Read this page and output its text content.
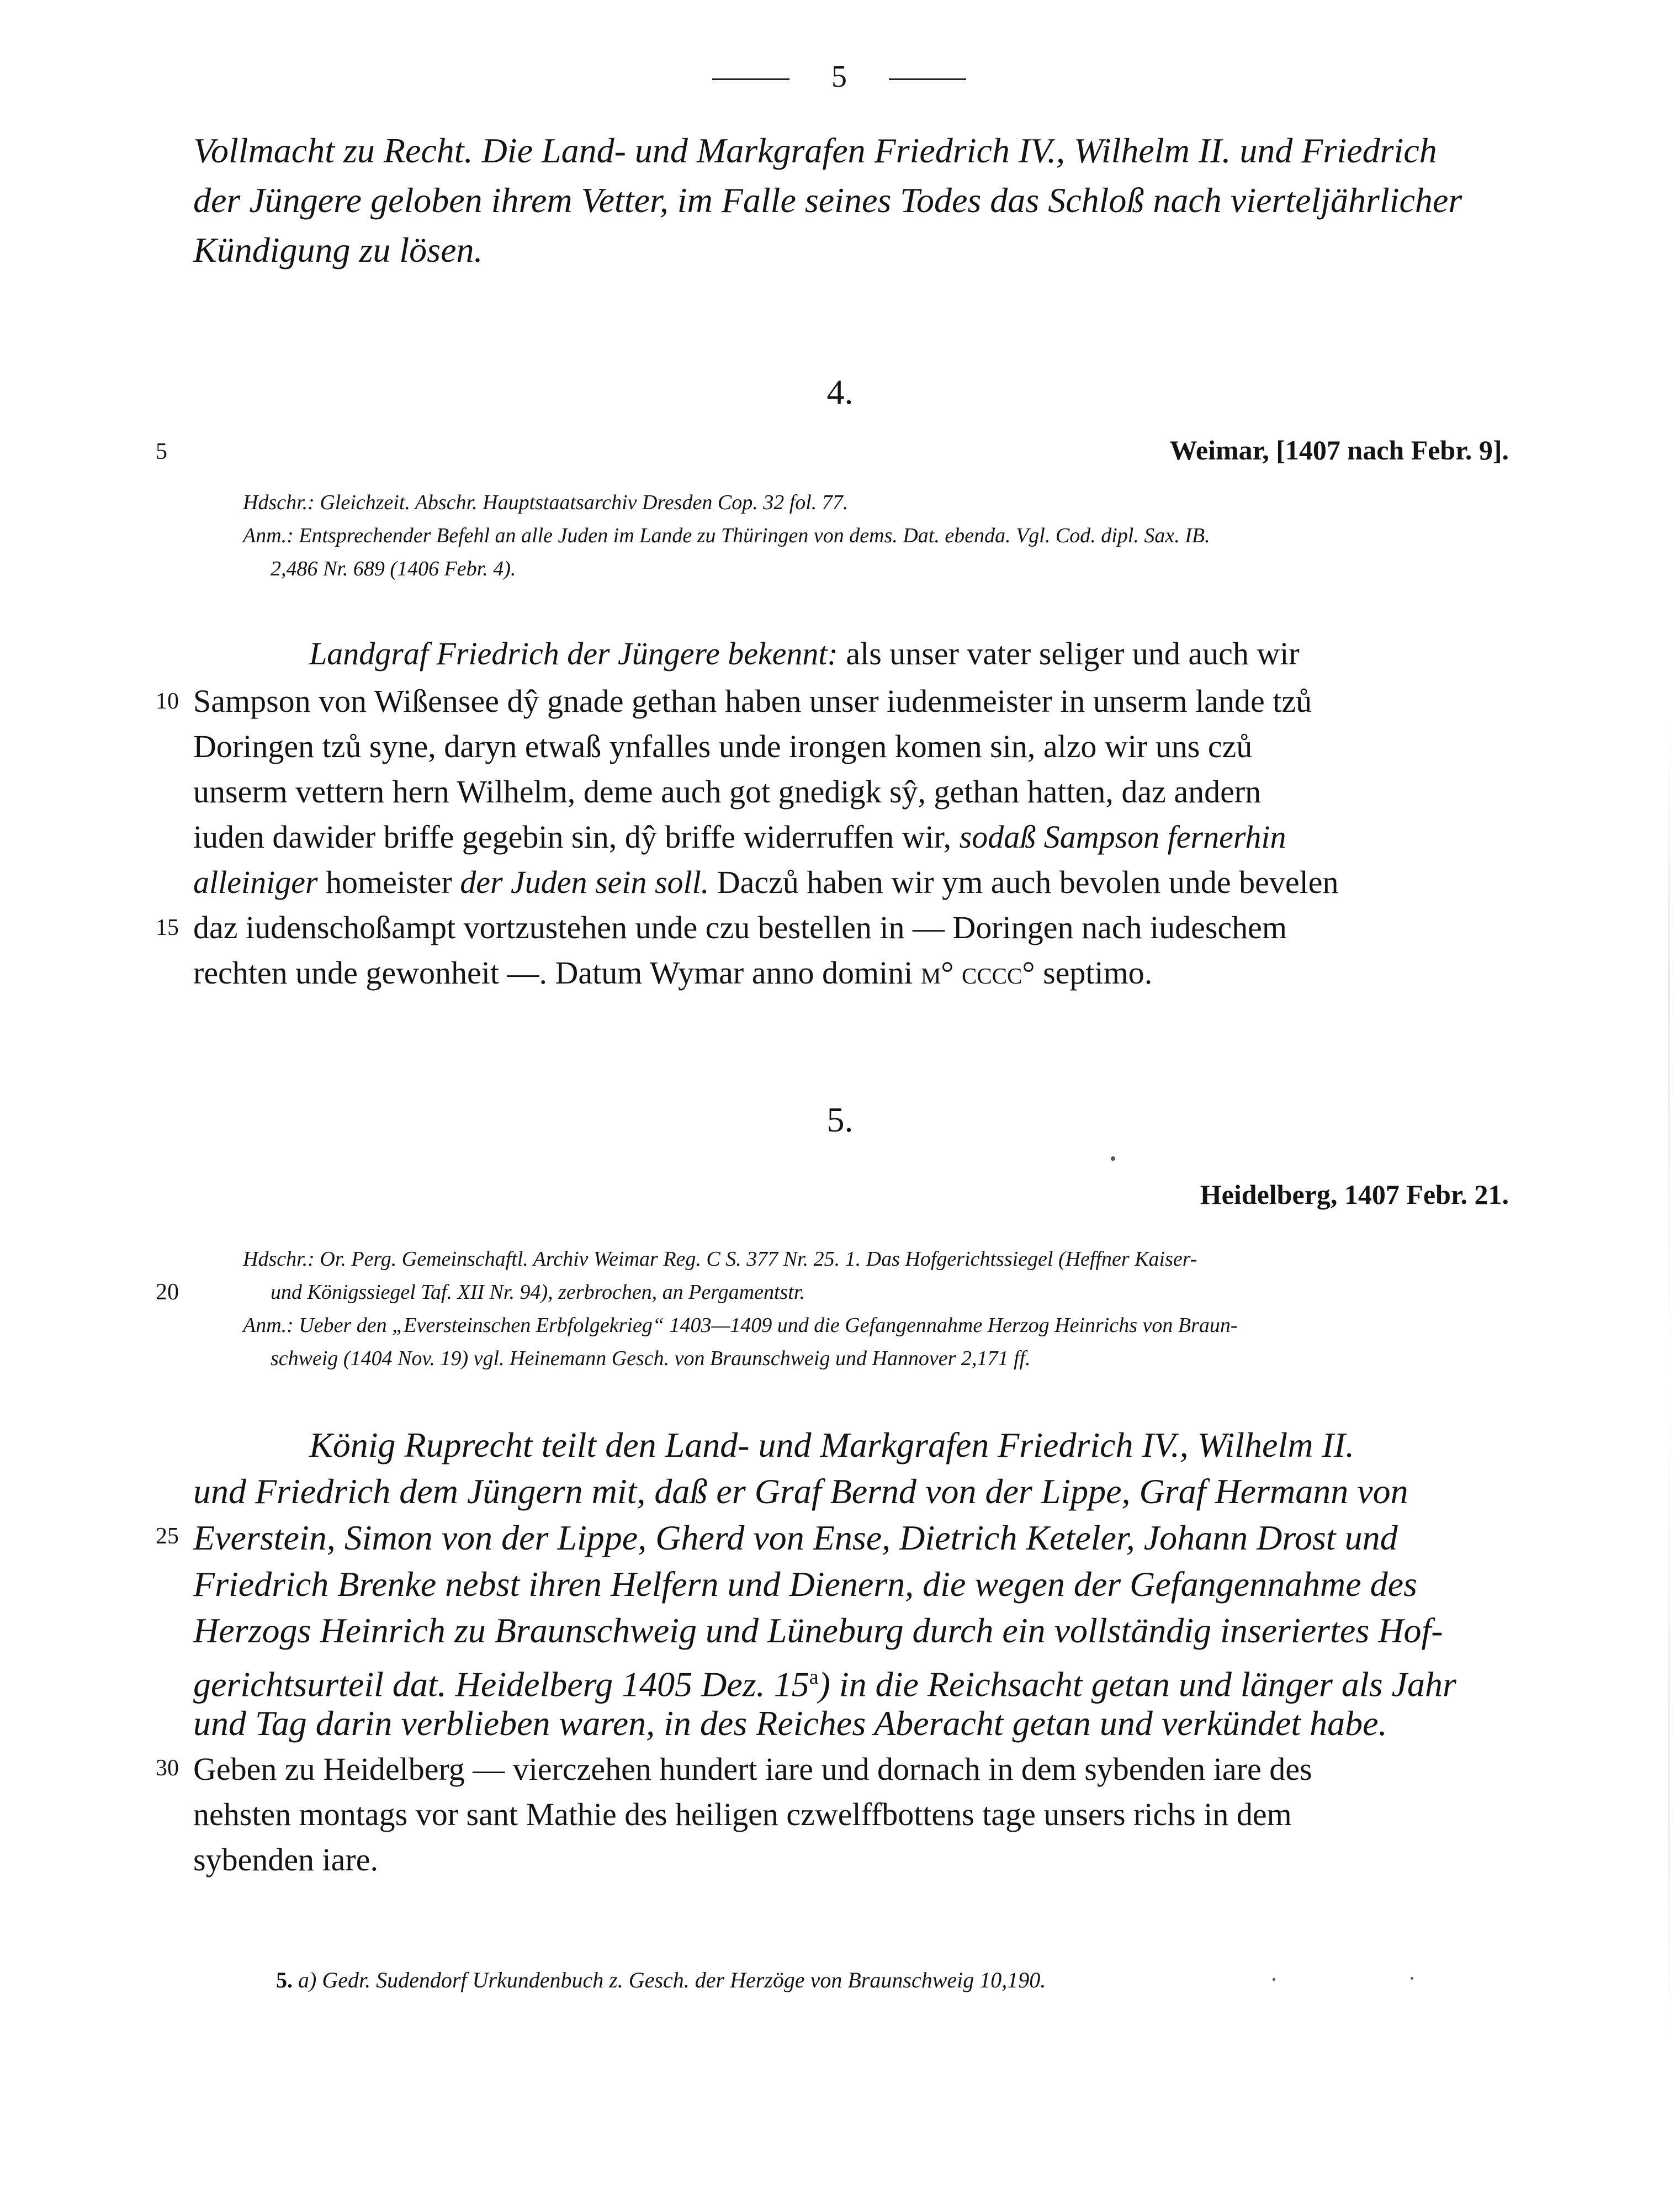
5
Vollmacht zu Recht. Die Land- und Markgrafen Friedrich IV., Wilhelm II. und Friedrich
der Jüngere geloben ihrem Vetter, im Falle seines Todes das Schloß nach vierteljährlicher
Kündigung zu lösen.
4.
5	Weimar, [1407 nach Febr. 9].
Hdschr.: Gleichzeit. Abschr. Hauptstaatsarchiv Dresden Cop. 32 fol. 77.
Anm.: Entsprechender Befehl an alle Juden im Lande zu Thüringen von dems. Dat. ebenda. Vgl. Cod. dipl. Sax. IB.
2,486 Nr. 689 (1406 Febr. 4).
Landgraf Friedrich der Jüngere bekennt: als unser vater seliger und auch wir
10 Sampson von Wißensee dŷ gnade gethan haben unser iudenmeister in unserm lande tzů
Doringen tzů syne, daryn etwaß ynfalles unde irongen komen sin, alzo wir uns czů
unserm vettern hern Wilhelm, deme auch got gnedigk sŷ, gethan hatten, daz andern
iuden dawider briffe gegebin sin, dŷ briffe widerruffen wir, sodaß Sampson fernerhin
alleiniger homeister der Juden sein soll. Daczů haben wir ym auch bevolen unde bevelen
15 daz iudenschoßampt vortzustehen unde czu bestellen in — Doringen nach iudeschem
rechten unde gewonheit —. Datum Wymar anno domini m° cccc° septimo.
5.
Heidelberg, 1407 Febr. 21.
Hdschr.: Or. Perg. Gemeinschaftl. Archiv Weimar Reg. C S. 377 Nr. 25. 1. Das Hofgerichtssiegel (Heffner Kaiser-
20	und Königssiegel Taf. XII Nr. 94), zerbrochen, an Pergamentstr.
Anm.: Ueber den „Eversteinschen Erbfolgekrieg“ 1403—1409 und die Gefangennahme Herzog Heinrichs von Braun-
schweig (1404 Nov. 19) vgl. Heinemann Gesch. von Braunschweig und Hannover 2,171 ff.
König Ruprecht teilt den Land- und Markgrafen Friedrich IV., Wilhelm II.
und Friedrich dem Jüngern mit, daß er Graf Bernd von der Lippe, Graf Hermann von
25 Everstein, Simon von der Lippe, Gherd von Ense, Dietrich Keteler, Johann Drost und
Friedrich Brenke nebst ihren Helfern und Dienern, die wegen der Gefangennahme des
Herzogs Heinrich zu Braunschweig und Lüneburg durch ein vollständig inseriertes Hof-
gerichtsurteil dat. Heidelberg 1405 Dez. 15$^a$) in die Reichsacht getan und länger als Jahr
und Tag darin verblieben waren, in des Reiches Aberacht getan und verkündet habe.
30 Geben zu Heidelberg — vierczehen hundert iare und dornach in dem sybenden iare des
nehsten montags vor sant Mathie des heiligen czwelffbottens tage unsers richs in dem
sybenden iare.
5. a) Gedr. Sudendorf Urkundenbuch z. Gesch. der Herzöge von Braunschweig 10,190.
